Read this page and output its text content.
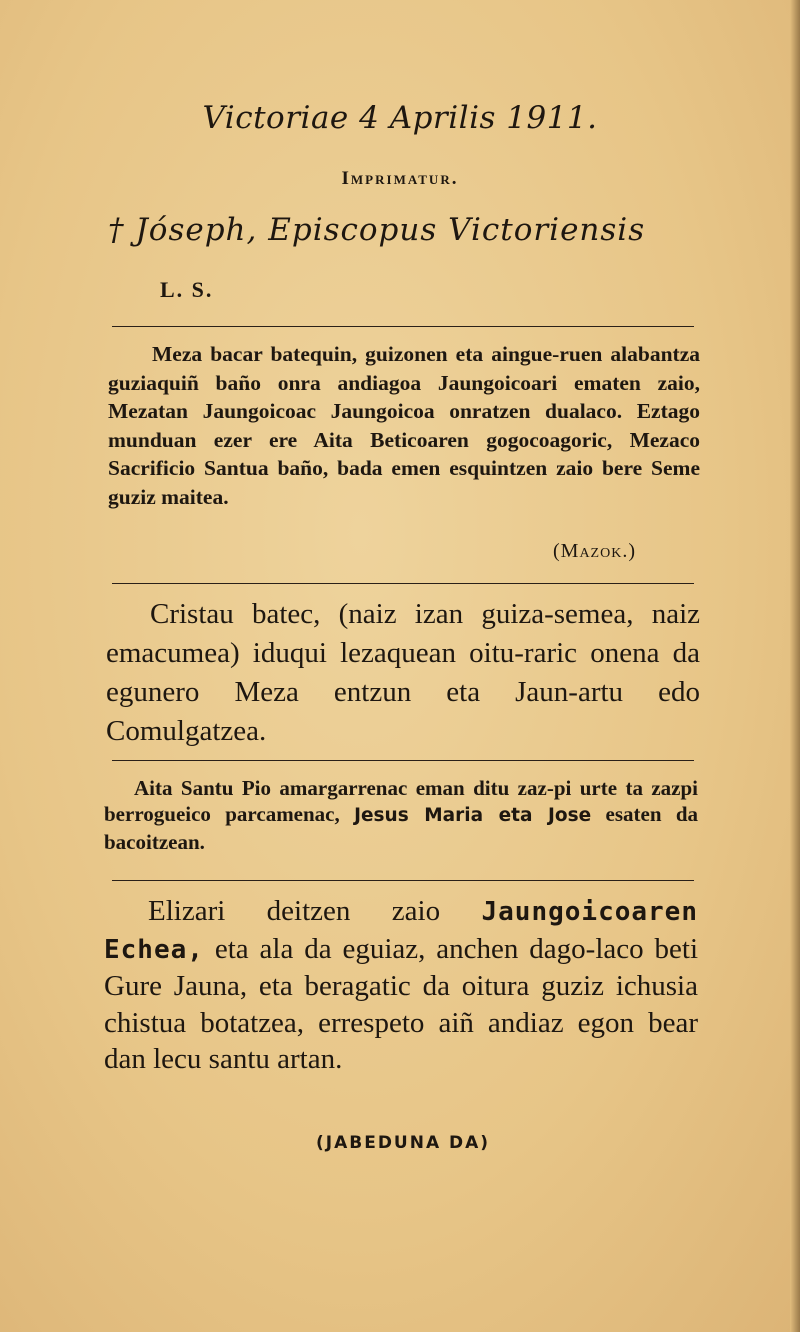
Victoriae 4 Aprilis 1911.
Imprimatur.
† Jóseph, Episcopus Victoriensis
L. S.
Meza bacar batequin, guizonen eta aingue-ruen alabantza guziaquiñ baño onra andiagoa Jaungoicoari ematen zaio, Mezatan Jaungoicoac Jaungoicoa onratzen dualaco. Eztago munduan ezer ere Aita Beticoaren gogocoagoric, Mezaco Sacrificio Santua baño, bada emen esquintzen zaio bere Seme guziz maitea.
(Mazok.)
Cristau batec, (naiz izan guiza-semea, naiz emacumea) iduqui lezaquean oitu-raric onena da egunero Meza entzun eta Jaun-artu edo Comulgatzea.
Aita Santu Pio amargarrenac eman ditu zaz-pi urte ta zazpi berrogueico parcamenac, Jesus Maria eta Jose esaten da bacoitzean.
Elizari deitzen zaio Jaungoicoaren Echea, eta ala da eguiaz, anchen dago-laco beti Gure Jauna, eta beragatic da oitura guziz ichusia chistua botatzea, errespeto aiñ andiaz egon bear dan lecu santu artan.
(JABEDUNA DA)
